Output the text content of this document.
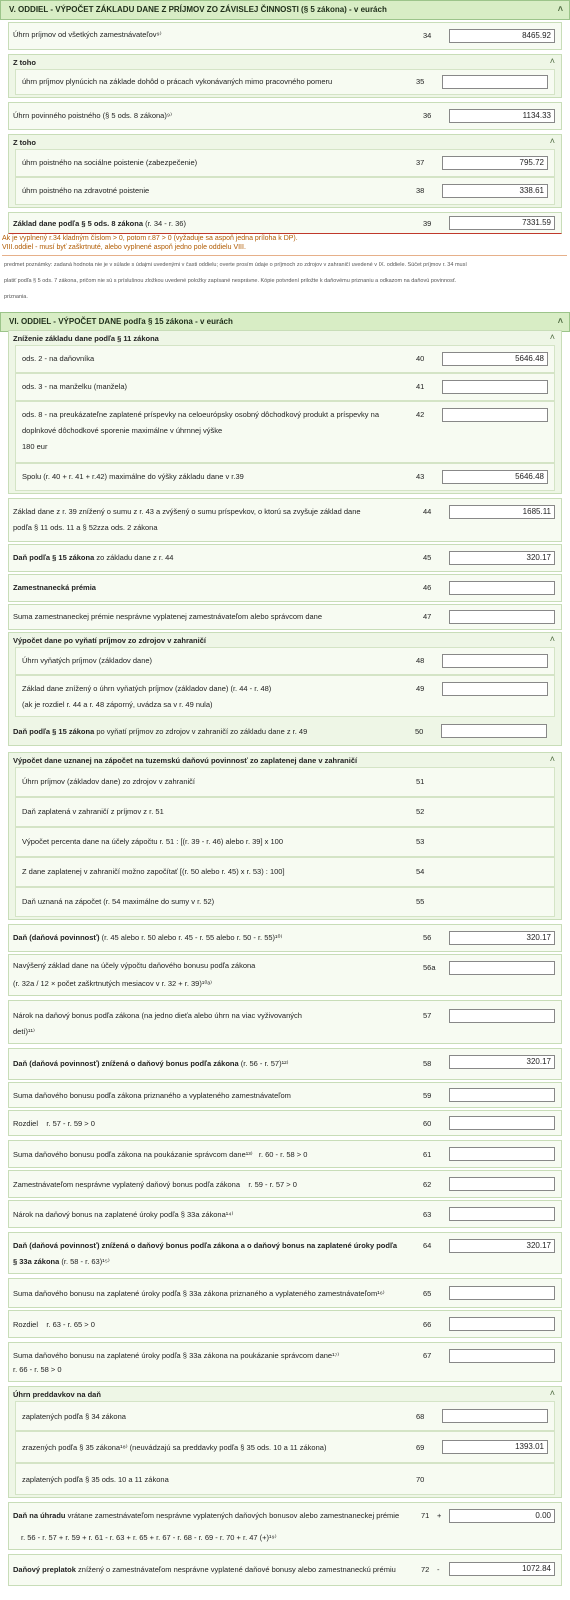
V. ODDIEL - VÝPOČET ZÁKLADU DANE Z PRÍJMOV ZO ZÁVISLEJ ČINNOSTI (§ 5 zákona) - v eurách	˄
Úhrn príjmov od všetkých zamestnávateľov⁹⁾	34	8465.92
Z toho	˄
úhrn príjmov plynúcich na základe dohôd o prácach vykonávaných mimo pracovného pomeru	35
Úhrn povinného poistného (§ 5 ods. 8 zákona)⁹⁾	36	1134.33
Z toho	˄
úhrn poistného na sociálne poistenie (zabezpečenie)	37	795.72
úhrn poistného na zdravotné poistenie	38	338.61
Základ dane podľa § 5 ods. 8 zákona (r. 34 - r. 36)	39	7331.59
Ak je vyplnený r.34 kladným číslom > 0, potom r.87 > 0 (vyžaduje sa aspoň jedna príloha k DP).
VIII.oddiel - musí byť zaškrtnuté, alebo vyplnené aspoň jedno pole oddielu VIII.
predmet poznámky: zadaná hodnota nie je v súlade s údajmi uvedenými v časti oddielu; overte prosím údaje o príjmoch zo zdrojov v zahraničí uvedené v IX. oddiele. Súčet príjmov r. 34 musí
platiť podľa § 5 ods. 7 zákona, pričom nie sú s príslušnou zložkou uvedené položky zapísané nesprávne. Kópie potvrdení priložte k daňovému priznaniu a odkazom na daňovú povinnosť.
priznania.
VI. ODDIEL - VÝPOČET DANE podľa § 15 zákona - v eurách	˄
Zníženie základu dane podľa § 11 zákona	˄
ods. 2 - na daňovníka	40	5646.48
ods. 3 - na manželku (manžela)	41
ods. 8 - na preukázateľne zaplatené príspevky na celoeurópsky osobný dôchodkový produkt a príspevky na
doplnkové dôchodkové sporenie maximálne v úhrnnej výške
180 eur
42
Spolu (r. 40 + r. 41 + r.42) maximálne do výšky základu dane v r.39	43	5646.48
Základ dane z r. 39 znížený o sumu z r. 43 a zvýšený o sumu príspevkov, o ktorú sa zvyšuje základ dane
podľa § 11 ods. 11 a § 52zza ods. 2 zákona
44	1685.11
Daň podľa § 15 zákona zo základu dane z r. 44	45	320.17
Zamestnanecká prémia	46
Suma zamestnaneckej prémie nesprávne vyplatenej zamestnávateľom alebo správcom dane	47
Výpočet dane po vyňatí príjmov zo zdrojov v zahraničí	˄
Úhrn vyňatých príjmov (základov dane)	48
Základ dane znížený o úhrn vyňatých príjmov (základov dane) (r. 44 - r. 48)
(ak je rozdiel r. 44 a r. 48 záporný, uvádza sa v r. 49 nula)
49
Daň podľa § 15 zákona po vyňatí príjmov zo zdrojov v zahraničí zo základu dane z r. 49	50
Výpočet dane uznanej na zápočet na tuzemskú daňovú povinnosť zo zaplatenej dane v zahraničí	˄
Úhrn príjmov (základov dane) zo zdrojov v zahraničí	51
Daň zaplatená v zahraničí z príjmov z r. 51	52
Výpočet percenta dane na účely zápočtu r. 51 : [(r. 39 - r. 46) alebo r. 39] x 100	53
Z dane zaplatenej v zahraničí možno započítať [(r. 50 alebo r. 45) x r. 53) : 100]	54
Daň uznaná na zápočet (r. 54 maximálne do sumy v r. 52)	55
Daň (daňová povinnosť) (r. 45 alebo r. 50 alebo r. 45 - r. 55 alebo r. 50 - r. 55)¹⁰⁾	56	320.17
Navýšený základ dane na účely výpočtu daňového bonusu podľa zákona
(r. 32a / 12 × počet zaškrtnutých mesiacov v r. 32 + r. 39)¹⁰ᵃ⁾
56a
Nárok na daňový bonus podľa zákona (na jedno dieťa alebo úhrn na viac vyživovaných
detí)¹¹⁾
57
Daň (daňová povinnosť) znížená o daňový bonus podľa zákona (r. 56 - r. 57)¹²⁾	58	320.17
Suma daňového bonusu podľa zákona priznaného a vyplateného zamestnávateľom	59
Rozdiel    r. 57 - r. 59 > 0	60
Suma daňového bonusu podľa zákona na poukázanie správcom dane¹³⁾   r. 60 - r. 58 > 0	61
Zamestnávateľom nesprávne vyplatený daňový bonus podľa zákona    r. 59 - r. 57 > 0	62
Nárok na daňový bonus na zaplatené úroky podľa § 33a zákona¹⁴⁾	63
Daň (daňová povinnosť) znížená o daňový bonus podľa zákona a o daňový bonus na zaplatené úroky podľa
§ 33a zákona (r. 58 - r. 63)¹⁵⁾
64	320.17
Suma daňového bonusu na zaplatené úroky podľa § 33a zákona priznaného a vyplateného zamestnávateľom¹⁶⁾	65
Rozdiel    r. 63 - r. 65 > 0	66
Suma daňového bonusu na zaplatené úroky podľa § 33a zákona na poukázanie správcom dane¹⁷⁾
r. 66 - r. 58 > 0
67
Úhrn preddavkov na daň	˄
zaplatených podľa § 34 zákona	68
zrazených podľa § 35 zákona¹⁸⁾ (neuvádzajú sa preddavky podľa § 35 ods. 10 a 11 zákona)	69	1393.01
zaplatených podľa § 35 ods. 10 a 11 zákona	70
Daň na úhradu vrátane zamestnávateľom nesprávne vyplatených daňových bonusov alebo zamestnaneckej prémie
r. 56 - r. 57 + r. 59 + r. 61 - r. 63 + r. 65 + r. 67 - r. 68 - r. 69 - r. 70 + r. 47 (+)¹⁹⁾
71 +	0.00
Daňový preplatok znížený o zamestnávateľom nesprávne vyplatené daňové bonusy alebo zamestnaneckú prémiu	72 -	1072.84
